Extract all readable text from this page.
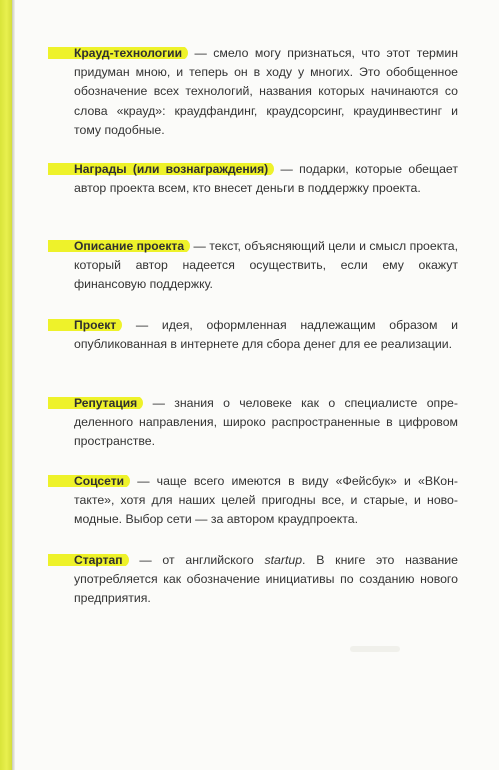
Крауд-технологии — смело могу признаться, что этот термин придуман мною, и теперь он в ходу у многих. Это обобщенное обозначение всех технологий, названия которых начинаются со слова «крауд»: краудфандинг, краудсорсинг, краудинвестинг и тому подобные.

Награды (или вознаграждения) — подарки, которые обещает автор проекта всем, кто внесет деньги в поддержку проекта.

Описание проекта — текст, объясняющий цели и смысл проекта, который автор надеется осуществить, если ему окажут финансовую поддержку.

Проект — идея, оформленная надлежащим образом и опубликованная в интернете для сбора денег для ее реализации.

Репутация — знания о человеке как о специалисте определенного направления, широко распространенные в цифровом пространстве.

Соцсети — чаще всего имеются в виду «Фейсбук» и «ВКонтакте», хотя для наших целей пригодны все, и старые, и новомодные. Выбор сети — за автором краудпроекта.

Стартап — от английского startup. В книге это название употребляется как обозначение инициативы по созданию нового предприятия.
